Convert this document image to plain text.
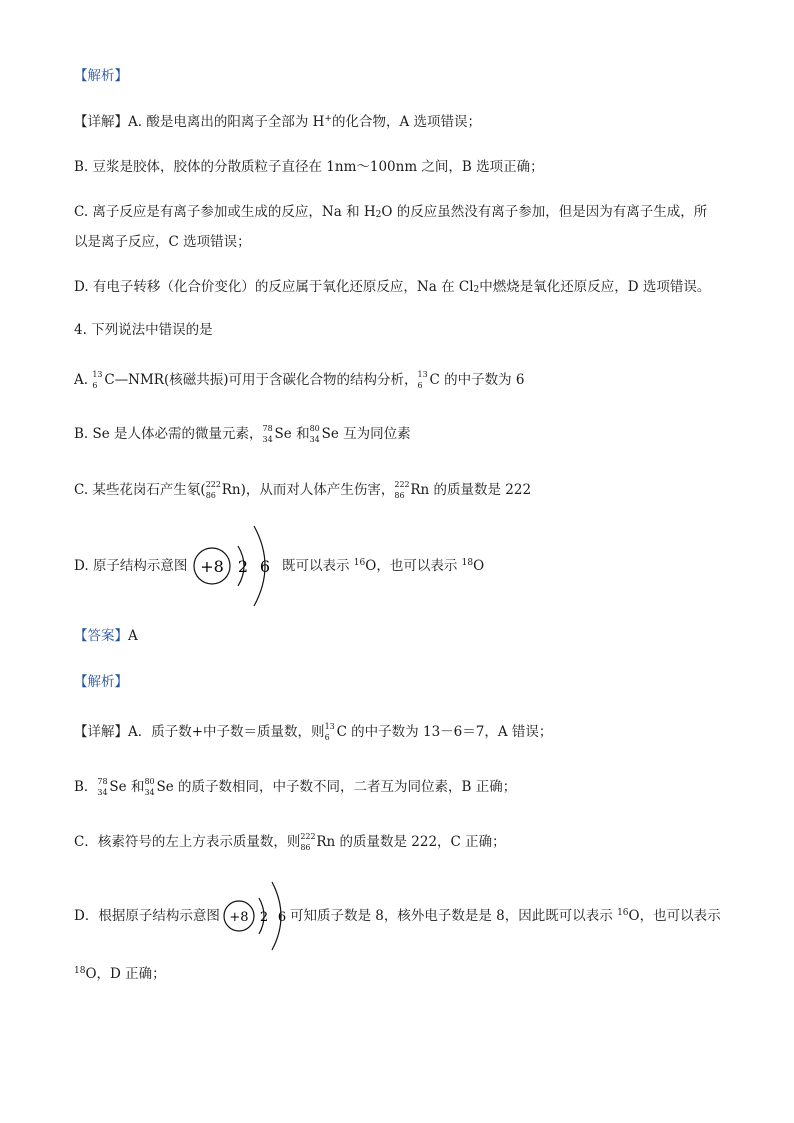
【解析】
【详解】A. 酸是电离出的阳离子全部为 H+的化合物，A 选项错误；
B. 豆浆是胶体，胶体的分散质粒子直径在 1nm～100nm 之间，B 选项正确；
C. 离子反应是有离子参加或生成的反应，Na 和 $H_2O$ 的反应虽然没有离子参加，但是因为有离子生成，所
以是离子反应，C 选项错误；
D. 有电子转移（化合价变化）的反应属于氧化还原反应，Na 在 $Cl_2$中燃烧是氧化还原反应，D 选项错误。
4. 下列说法中错误的是
A. 13
6 C—NMR(核磁共振)可用于含碳化合物的结构分析， 13
6 C 的中子数为 6
B. Se 是人体必需的微量元素， 78
34 Se 和 80
34 Se 互为同位素
C. 某些花岗石产生氡( 222
86 Rn)，从而对人体产生伤害， 222
86 Rn 的质量数是 222
D. 原子结构示意图 +8 2 6 既可以表示 $^{16}$O，也可以表示 $^{18}$O
【答案】A
【解析】
【详解】A．质子数+中子数＝质量数，则 13
6 C 的中子数为 13－6＝7，A 错误；
B． 78
34 Se 和 80
34 Se 的质子数相同，中子数不同，二者互为同位素，B 正确；
C．核素符号的左上方表示质量数，则 222
86 Rn 的质量数是 222，C 正确；
D．根据原子结构示意图 +8 2 6 可知质子数是 8，核外电子数是是 8，因此既可以表示 $^{16}$O，也可以表示
$^{18}$O，D 正确；
